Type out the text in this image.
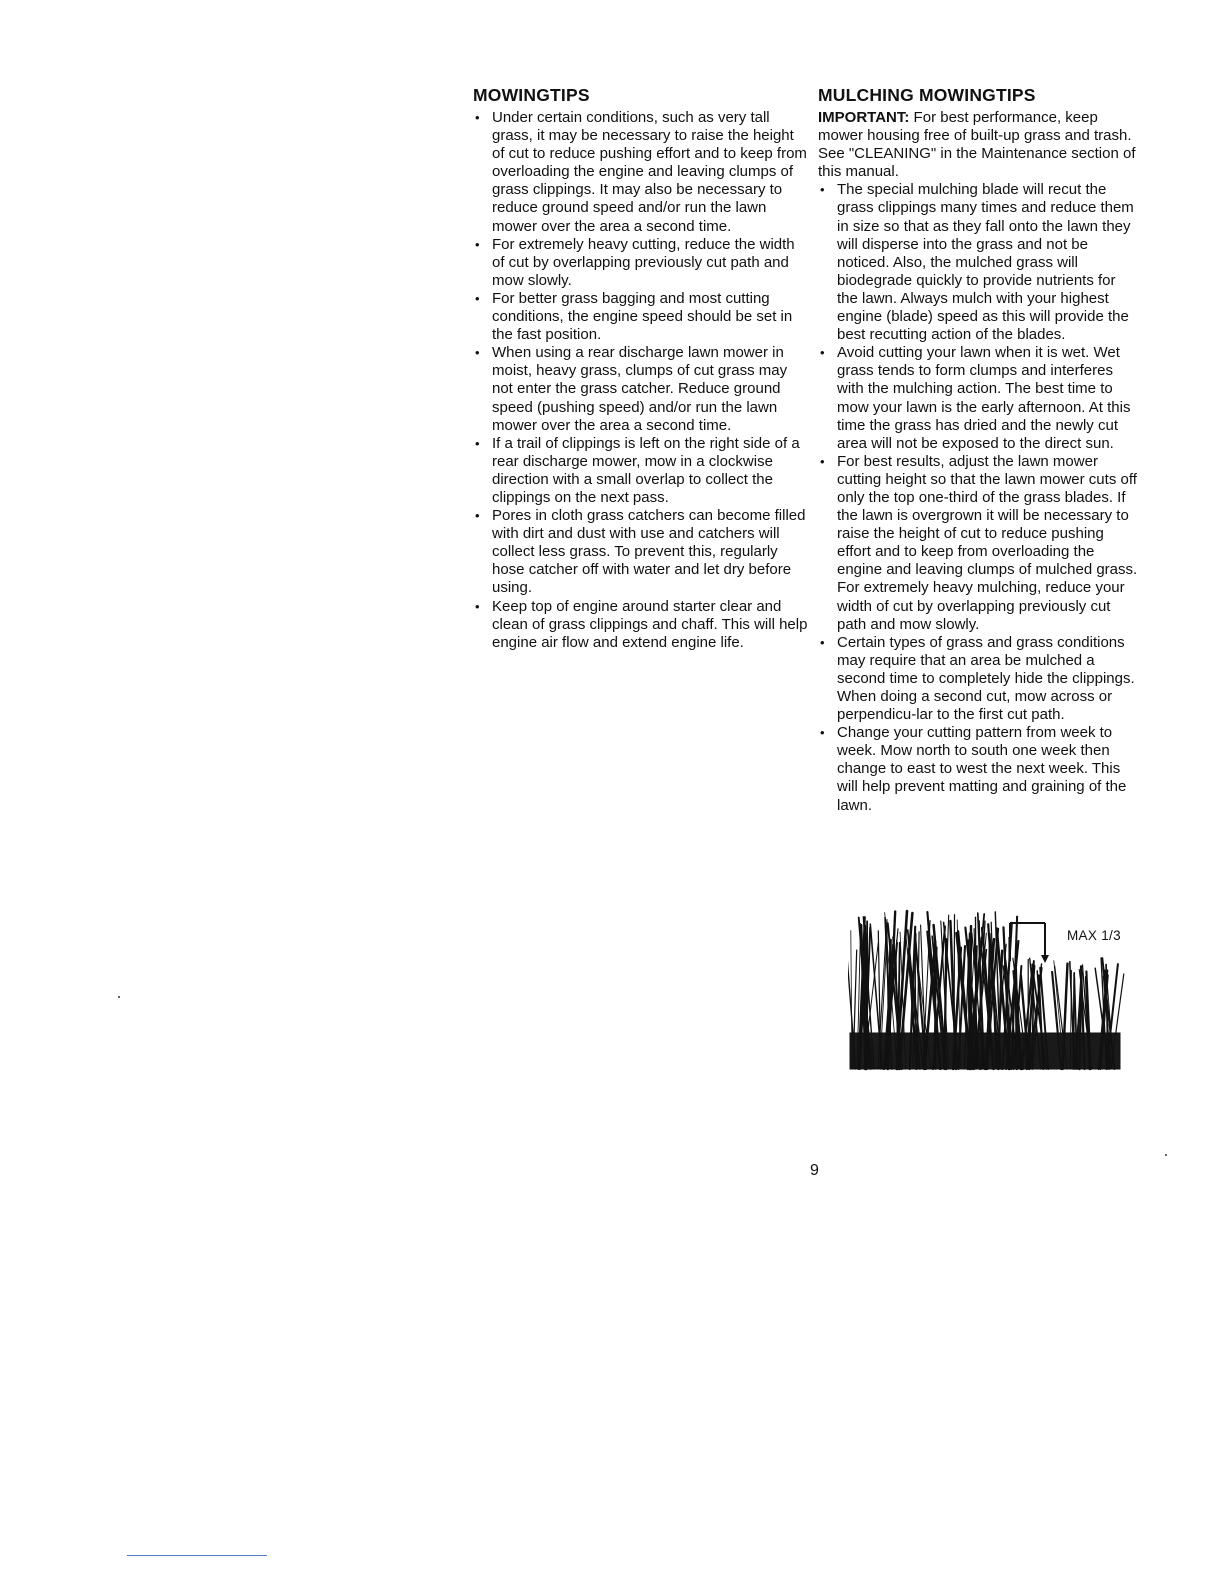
MOWINGTIPS
• Under certain conditions, such as very tall grass, it may be necessary to raise the height of cut to reduce pushing effort and to keep from overloading the engine and leaving clumps of grass clippings. It may also be necessary to reduce ground speed and/or run the lawn mower over the area a second time.
• For extremely heavy cutting, reduce the width of cut by overlapping previously cut path and mow slowly.
• For better grass bagging and most cutting conditions, the engine speed should be set in the fast position.
• When using a rear discharge lawn mower in moist, heavy grass, clumps of cut grass may not enter the grass catcher. Reduce ground speed (pushing speed) and/or run the lawn mower over the area a second time.
• If a trail of clippings is left on the right side of a rear discharge mower, mow in a clockwise direction with a small overlap to collect the clippings on the next pass.
• Pores in cloth grass catchers can become filled with dirt and dust with use and catchers will collect less grass. To prevent this, regularly hose catcher off with water and let dry before using.
• Keep top of engine around starter clear and clean of grass clippings and chaff. This will help engine air flow and extend engine life.
MULCHING MOWINGTIPS

IMPORTANT: For best performance, keep mower housing free of built-up grass and trash. See "CLEANING" in the Maintenance section of this manual.

• The special mulching blade will recut the grass clippings many times and reduce them in size so that as they fall onto the lawn they will disperse into the grass and not be noticed. Also, the mulched grass will biodegrade quickly to provide nutrients for the lawn. Always mulch with your highest engine (blade) speed as this will provide the best recutting action of the blades.
• Avoid cutting your lawn when it is wet. Wet grass tends to form clumps and interferes with the mulching action. The best time to mow your lawn is the early afternoon. At this time the grass has dried and the newly cut area will not be exposed to the direct sun.
• For best results, adjust the lawn mower cutting height so that the lawn mower cuts off only the top one-third of the grass blades. If the lawn is overgrown it will be necessary to raise the height of cut to reduce pushing effort and to keep from overloading the engine and leaving clumps of mulched grass. For extremely heavy mulching, reduce your width of cut by overlapping previously cut path and mow slowly.
• Certain types of grass and grass conditions may require that an area be mulched a second time to completely hide the clippings. When doing a second cut, mow across or perpendicu-lar to the first cut path.
• Change your cutting pattern from week to week. Mow north to south one week then change to east to west the next week. This will help prevent matting and graining of the lawn.
MAX 1/3
9
